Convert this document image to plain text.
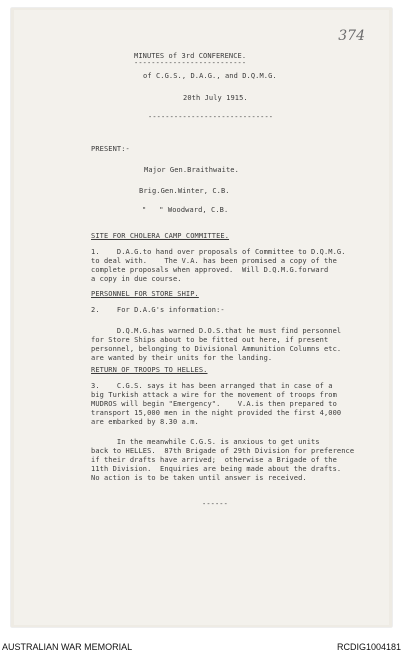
374
MINUTES of 3rd CONFERENCE.
--------------------------
of C.G.S., D.A.G., and D.Q.M.G.
20th July 1915.
-----------------------------
PRESENT:-
Major Gen.Braithwaite.
Brig.Gen.Winter, C.B.
"   " Woodward, C.B.
SITE FOR CHOLERA CAMP COMMITTEE.
1.    D.A.G.to hand over proposals of Committee to D.Q.M.G.
to deal with.    The V.A. has been promised a copy of the
complete proposals when approved.  Will D.Q.M.G.forward
a copy in due course.
PERSONNEL FOR STORE SHIP.
2.    For D.A.G's information:-
D.Q.M.G.has warned D.O.S.that he must find personnel
for Store Ships about to be fitted out here, if present
personnel, belonging to Divisional Ammunition Columns etc.
are wanted by their units for the landing.
RETURN OF TROOPS TO HELLES.
3.    C.G.S. says it has been arranged that in case of a
big Turkish attack a wire for the movement of troops from
MUDROS will begin "Emergency".    V.A.is then prepared to
transport 15,000 men in the night provided the first 4,000
are embarked by 8.30 a.m.
In the meanwhile C.G.S. is anxious to get units
back to HELLES.  87th Brigade of 29th Division for preference
if their drafts have arrived;  otherwise a Brigade of the
11th Division.  Enquiries are being made about the drafts.
No action is to be taken until answer is received.
------
AUSTRALIAN WAR MEMORIAL	RCDIG1004181
